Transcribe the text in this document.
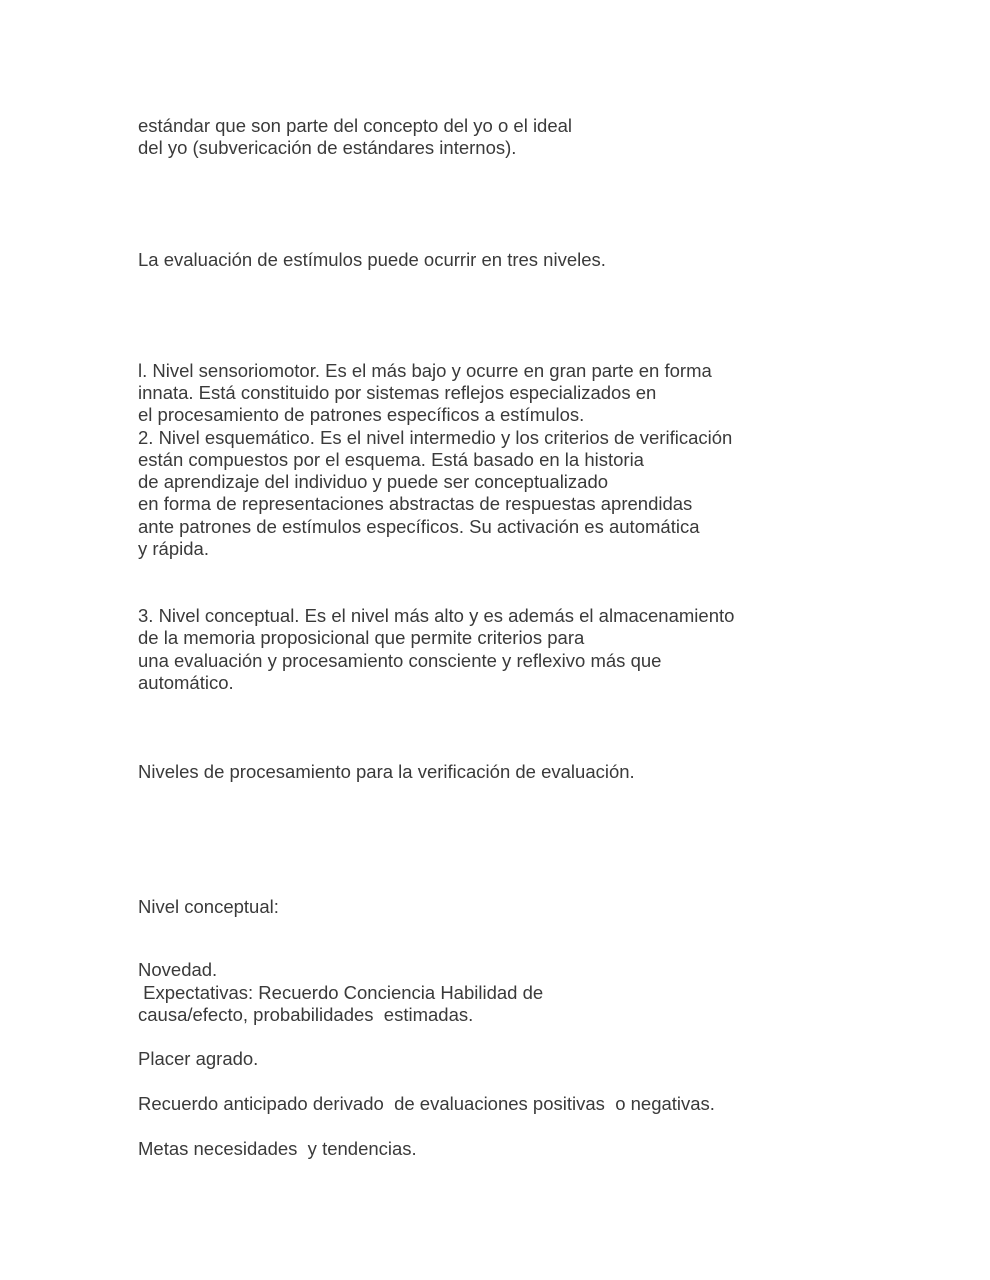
estándar que son parte del concepto del yo o el ideal

del yo (subvericación de estándares internos).

La evaluación de estímulos puede ocurrir en tres niveles.

l. Nivel sensoriomotor. Es el más bajo y ocurre en gran parte en forma

innata. Está constituido por sistemas reflejos especializados en

el procesamiento de patrones específicos a estímulos.

2. Nivel esquemático. Es el nivel intermedio y los criterios de verificación

están compuestos por el esquema. Está basado en la historia

de aprendizaje del individuo y puede ser conceptualizado

en forma de representaciones abstractas de respuestas aprendidas

ante patrones de estímulos específicos. Su activación es automática

y rápida.

3. Nivel conceptual. Es el nivel más alto y es además el almacenamiento

de la memoria proposicional que permite criterios para

una evaluación y procesamiento consciente y reflexivo más que

automático.

Niveles de procesamiento para la verificación de evaluación.

Nivel conceptual:

Novedad.

Expectativas: Recuerdo Conciencia Habilidad de

causa/efecto, probabilidades  estimadas.

Placer agrado.

Recuerdo anticipado derivado  de evaluaciones positivas  o negativas.

Metas necesidades  y tendencias.
